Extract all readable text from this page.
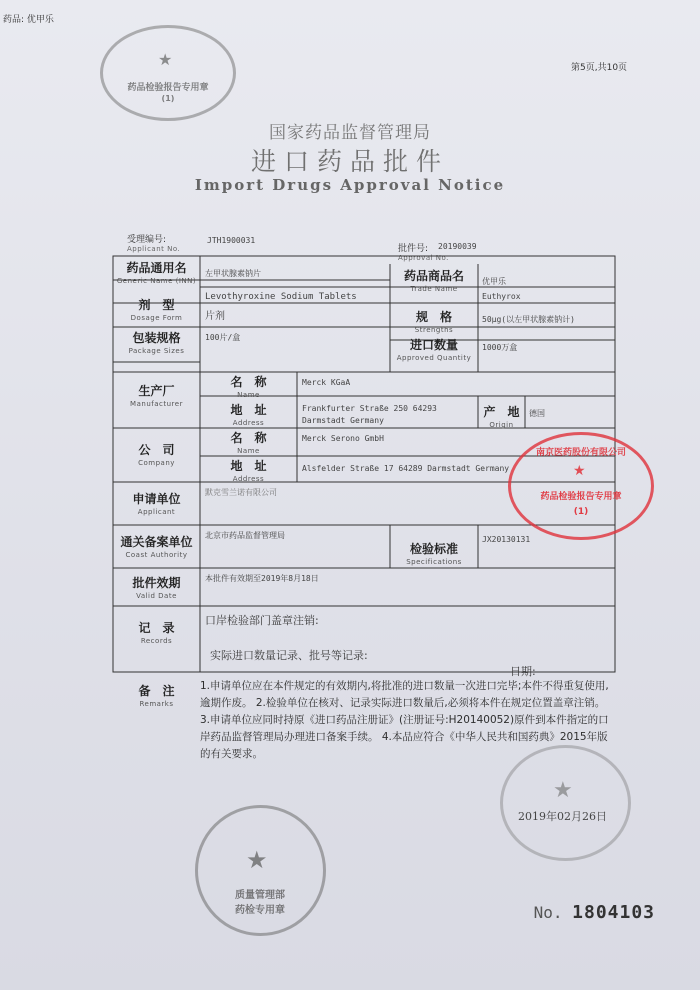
药品: 优甲乐
第5页,共10页
国家药品监督管理局
进口药品批件
Import Drugs Approval Notice
受理编号:
Applicant No.
JTH1900031
批件号:
Approval No.
20190039
药品通用名
Generic Name (INN)
左甲状腺素钠片
Levothyroxine Sodium Tablets
药品商品名
Trade Name
优甲乐
Euthyrox
剂　型
Dosage Form	片剂	规　格
Strengths
50μg(以左甲状腺素钠计)
包装规格
Package Sizes
100片/盒
进口数量
Approved Quantity
1000万盒
生产厂
Manufacturer
名　称
Name
Merck KGaA
地　址
Address
Frankfurter Straße 250 64293
Darmstadt Germany
产　地
Origin
德国
公　司
Company
名　称
Name
Merck Serono GmbH
地　址
Address
Alsfelder Straße 17 64289 Darmstadt Germany
申请单位
Applicant
默克雪兰诺有限公司
通关备案单位
Coast Authority
北京市药品监督管理局
检验标准
Specifications
JX20130131
批件效期
Valid Date
本批件有效期至2019年8月18日
记　录
Records
口岸检验部门盖章注销:
实际进口数量记录、批号等记录:
日期:
备　注
Remarks
1.申请单位应在本件规定的有效期内,将批准的进口数量一次进口完毕;本件不得重复使用,逾期作废。 2.检验单位在核对、记录实际进口数量后,必须将本件在规定位置盖章注销。 3.申请单位应同时持原《进口药品注册证》(注册证号:H20140052)原件到本件指定的口岸药品监督管理局办理进口备案手续。 4.本品应符合《中华人民共和国药典》2015年版的有关要求。
2019年02月26日
No. 1804103
★
药品检验报告专用章
(1)
南京医药股份有限公司
★
药品检验报告专用章
(1)
★
★
质量管理部
药检专用章
